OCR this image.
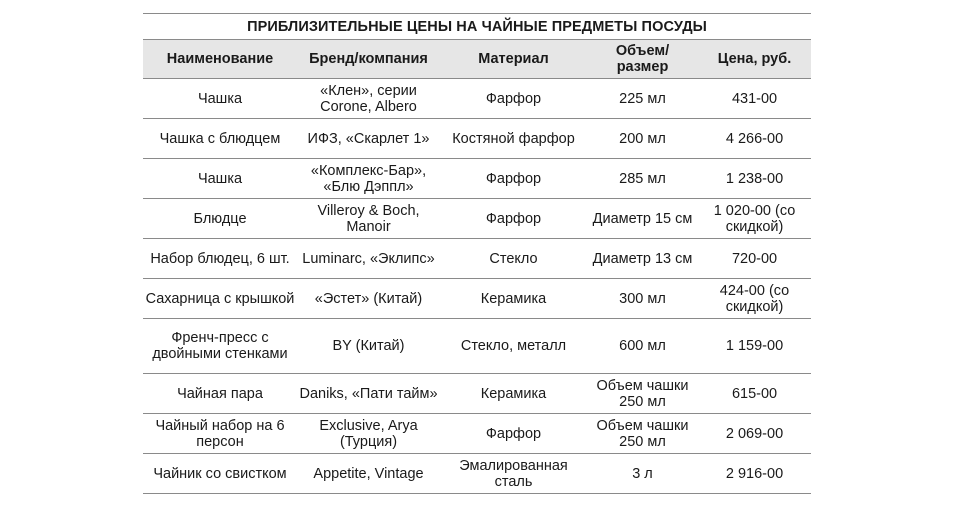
ПРИБЛИЗИТЕЛЬНЫЕ ЦЕНЫ НА ЧАЙНЫЕ ПРЕДМЕТЫ ПОСУДЫ				
Наименование	Бренд/компания	Материал	Объем/ размер	Цена, руб.
Чашка	«Клен», серии Corone, Albero	Фарфор	225 мл	431-00
Чашка с блюдцем	ИФЗ, «Скарлет 1»	Костяной фарфор	200 мл	4 266-00
Чашка	«Комплекс-Бар», «Блю Дэппл»	Фарфор	285 мл	1 238-00
Блюдце	Villeroy & Boch, Manoir	Фарфор	Диаметр 15 см	1 020-00 (со скидкой)
Набор блюдец, 6 шт.	Luminarc, «Эклипс»	Стекло	Диаметр 13 см	720-00
Сахарница с крышкой	«Эстет» (Китай)	Керамика	300 мл	424-00 (со скидкой)
Френч-пресс с двойными стенками	BY (Китай)	Стекло, металл	600 мл	1 159-00
Чайная пара	Daniks, «Пати тайм»	Керамика	Объем чашки 250 мл	615-00
Чайный набор на 6 персон	Exclusive, Arya (Турция)	Фарфор	Объем чашки 250 мл	2 069-00
Чайник со свистком	Appetite, Vintage	Эмалированная сталь	3 л	2 916-00
